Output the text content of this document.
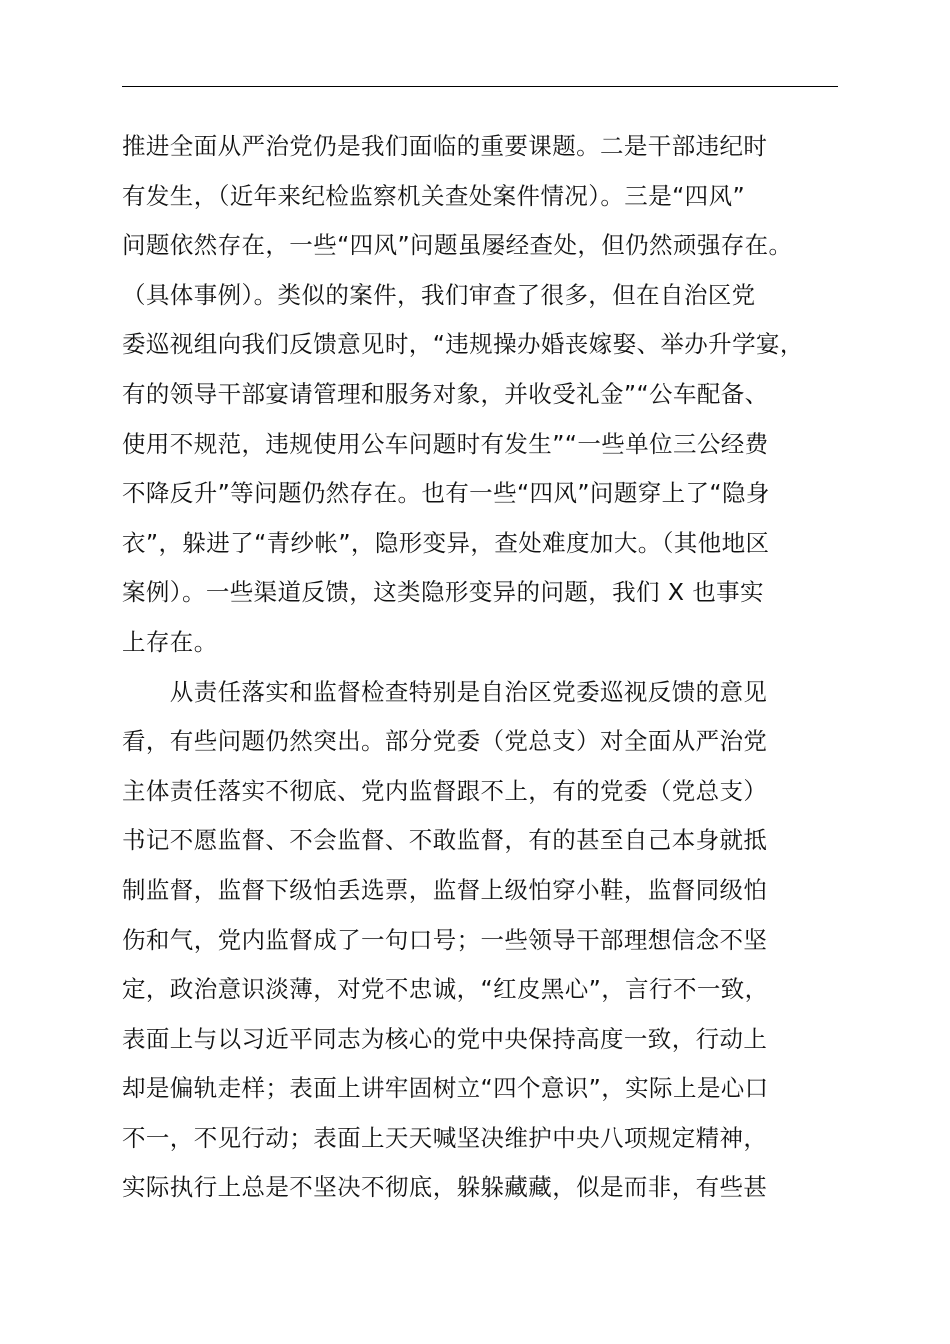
推进全面从严治党仍是我们面临的重要课题。二是干部违纪时
有发生，（近年来纪检监察机关查处案件情况）。三是“四风”
问题依然存在，一些“四风”问题虽屡经查处，但仍然顽强存在。
（具体事例）。类似的案件，我们审查了很多，但在自治区党
委巡视组向我们反馈意见时，“违规操办婚丧嫁娶、举办升学宴，
有的领导干部宴请管理和服务对象，并收受礼金”“公车配备、
使用不规范，违规使用公车问题时有发生”“一些单位三公经费
不降反升”等问题仍然存在。也有一些“四风”问题穿上了“隐身
衣”，躲进了“青纱帐”，隐形变异，查处难度加大。（其他地区
案例）。一些渠道反馈，这类隐形变异的问题，我们 X 也事实
上存在。
　　从责任落实和监督检查特别是自治区党委巡视反馈的意见
看，有些问题仍然突出。部分党委（党总支）对全面从严治党
主体责任落实不彻底、党内监督跟不上，有的党委（党总支）
书记不愿监督、不会监督、不敢监督，有的甚至自己本身就抵
制监督，监督下级怕丢选票，监督上级怕穿小鞋，监督同级怕
伤和气，党内监督成了一句口号；一些领导干部理想信念不坚
定，政治意识淡薄，对党不忠诚，“红皮黑心”，言行不一致，
表面上与以习近平同志为核心的党中央保持高度一致，行动上
却是偏轨走样；表面上讲牢固树立“四个意识”，实际上是心口
不一，不见行动；表面上天天喊坚决维护中央八项规定精神，
实际执行上总是不坚决不彻底，躲躲藏藏，似是而非，有些甚
